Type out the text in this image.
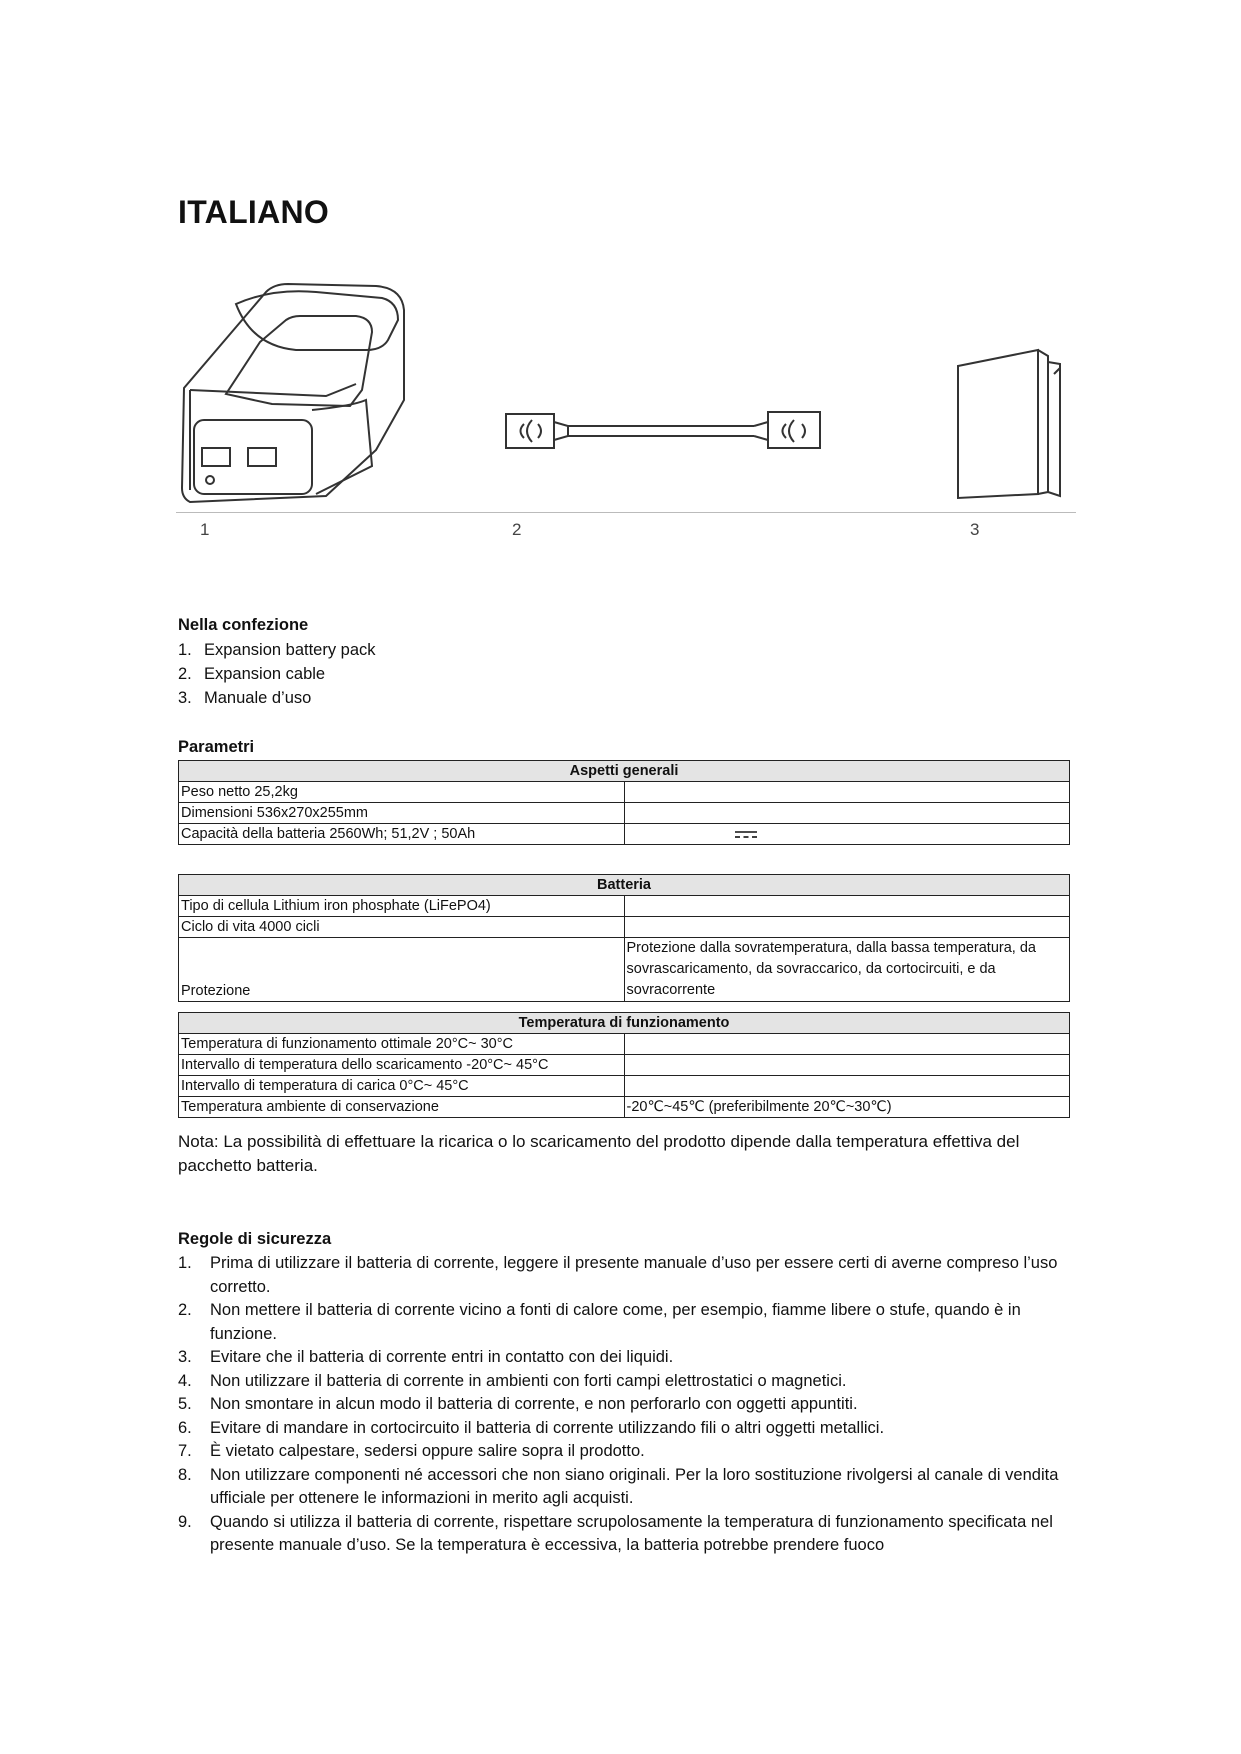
ITALIANO
1	2	3
Nella confezione
1. Expansion battery pack
2. Expansion cable
3. Manuale d’uso
Parametri
Aspetti generali	
Peso netto 25,2kg	
Dimensioni 536x270x255mm	
Capacità della batteria 2560Wh; 51,2V ; 50Ah	
Batteria	
Tipo di cellula Lithium iron phosphate (LiFePO4)	
Ciclo di vita 4000 cicli	
Protezione	Protezione dalla sovratemperatura, dalla bassa temperatura, da sovrascaricamento, da sovraccarico, da cortocircuiti, e da sovracorrente
Temperatura di funzionamento	
Temperatura di funzionamento ottimale 20°C~ 30°C	
Intervallo di temperatura dello scaricamento -20°C~ 45°C	
Intervallo di temperatura di carica 0°C~ 45°C	
Temperatura ambiente di conservazione	-20℃~45℃ (preferibilmente 20℃~30℃)

Nota: La possibilità di effettuare la ricarica o lo scaricamento del prodotto dipende dalla temperatura effettiva del pacchetto batteria.

Regole di sicurezza
1.	Prima di utilizzare il batteria di corrente, leggere il presente manuale d’uso per essere certi di averne compreso l’uso corretto.
2.	Non mettere il batteria di corrente vicino a fonti di calore come, per esempio, fiamme libere o stufe, quando è in funzione.
3.	Evitare che il batteria di corrente entri in contatto con dei liquidi.
4.	Non utilizzare il batteria di corrente in ambienti con forti campi elettrostatici o magnetici.
5.	Non smontare in alcun modo il batteria di corrente, e non perforarlo con oggetti appuntiti.
6.	Evitare di mandare in cortocircuito il batteria di corrente utilizzando fili o altri oggetti metallici.
7.	È vietato calpestare, sedersi oppure salire sopra il prodotto.
8.	Non utilizzare componenti né accessori che non siano originali. Per la loro sostituzione rivolgersi al canale di vendita ufficiale per ottenere le informazioni in merito agli acquisti.
9.	Quando si utilizza il batteria di corrente, rispettare scrupolosamente la temperatura di funzionamento specificata nel presente manuale d’uso. Se la temperatura è eccessiva, la batteria potrebbe prendere fuoco
